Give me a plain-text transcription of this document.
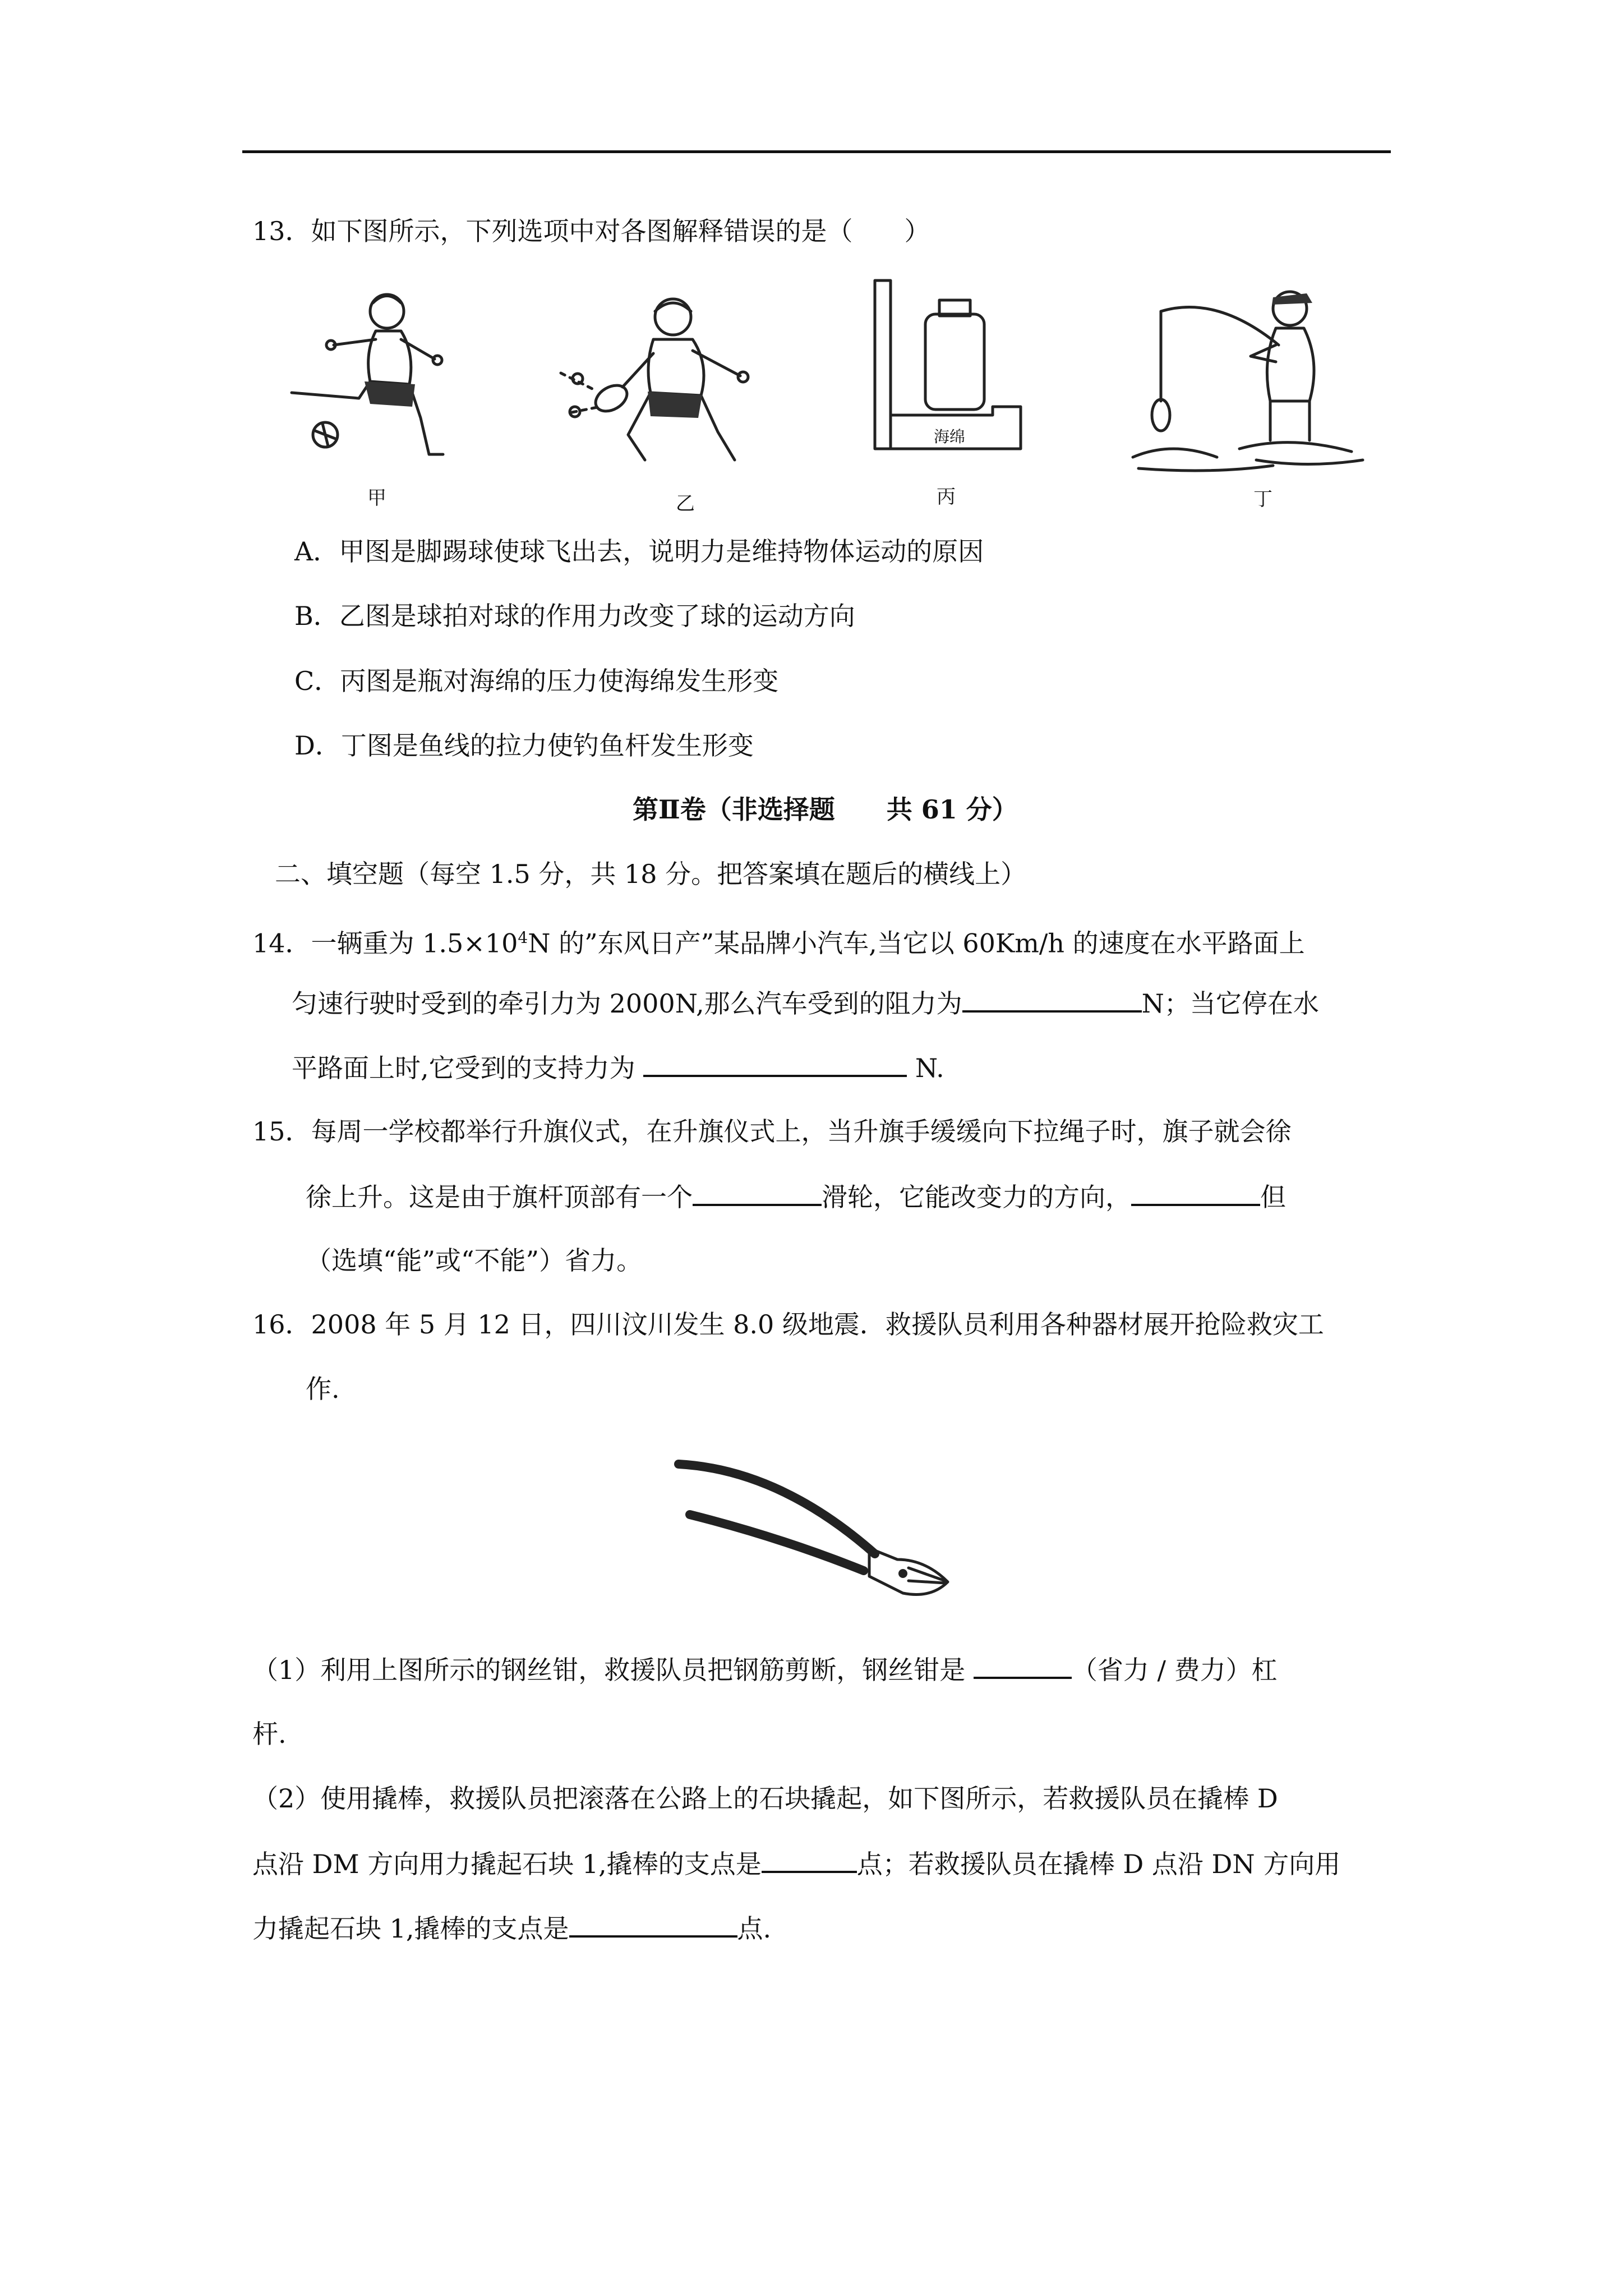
13．如下图所示，下列选项中对各图解释错误的是（　　）
甲	乙
海绵
丙	丁
A．甲图是脚踢球使球飞出去，说明力是维持物体运动的原因
B．乙图是球拍对球的作用力改变了球的运动方向
C．丙图是瓶对海绵的压力使海绵发生形变
D．丁图是鱼线的拉力使钓鱼杆发生形变
第Ⅱ卷（非选择题　　共 61 分）
二、填空题（每空 1.5 分，共 18 分。把答案填在题后的横线上）
14．一辆重为 $1.5\times 10^4N$ 的”东风日产”某品牌小汽车,当它以 60Km/h 的速度在水平路面上
匀速行驶时受到的牵引力为 2000N,那么汽车受到的阻力为	N；当它停在水
平路面上时,它受到的支持力为	N.
15．每周一学校都举行升旗仪式，在升旗仪式上，当升旗手缓缓向下拉绳子时，旗子就会徐
徐上升。这是由于旗杆顶部有一个	滑轮，它能改变力的方向，	但
（选填“能”或“不能”）省力。
16．2008 年 5 月 12 日，四川汶川发生 8.0 级地震．救援队员利用各种器材展开抢险救灾工
作.
（1）利用上图所示的钢丝钳，救援队员把钢筋剪断，钢丝钳是	（省力 / 费力）杠
杆.
（2）使用撬棒，救援队员把滚落在公路上的石块撬起，如下图所示，若救援队员在撬棒 D
点沿 DM 方向用力撬起石块 1,撬棒的支点是	点；若救援队员在撬棒 D 点沿 DN 方向用
力撬起石块 1,撬棒的支点是	点.
